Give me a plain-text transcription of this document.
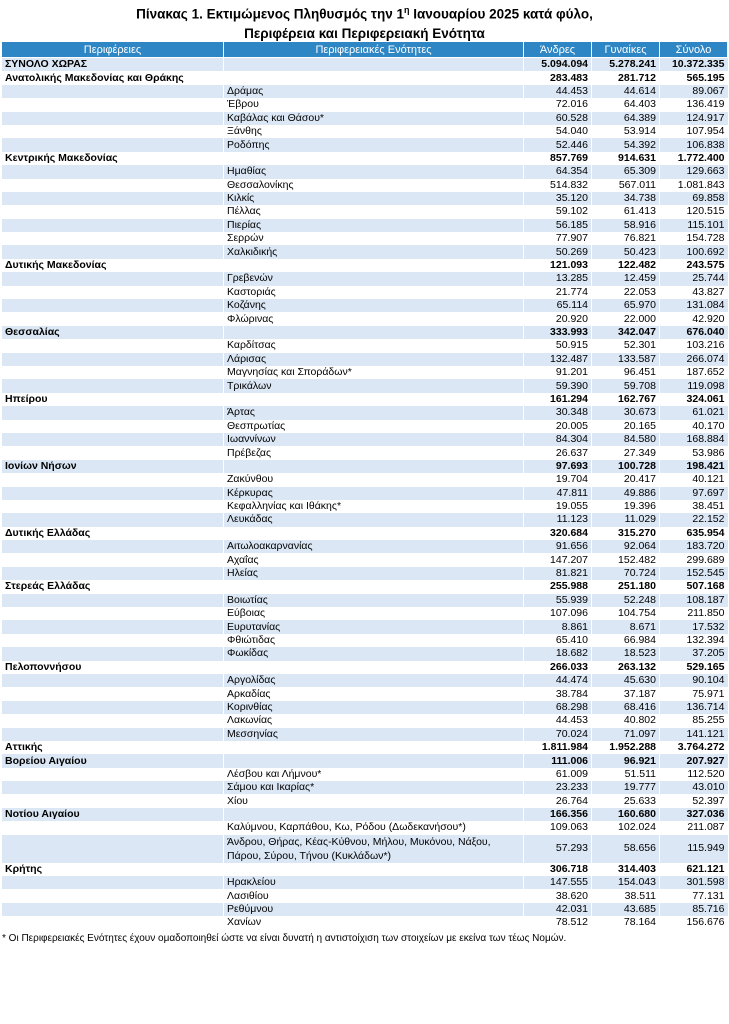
Πίνακας 1. Εκτιμώμενος Πληθυσμός την $1^\eta$ Ιανουαρίου 2025 κατά φύλο,
Περιφέρεια και Περιφερειακή Ενότητα
Περιφέρειες	Περιφερειακές Ενότητες	Άνδρες	Γυναίκες	Σύνολο
ΣΥΝΟΛΟ ΧΩΡΑΣ		5.094.094	5.278.241	10.372.335
Ανατολικής Μακεδονίας και Θράκης		283.483	281.712	565.195
	Δράμας	44.453	44.614	89.067
	Έβρου	72.016	64.403	136.419
	Καβάλας και Θάσου*	60.528	64.389	124.917
	Ξάνθης	54.040	53.914	107.954
	Ροδόπης	52.446	54.392	106.838
Κεντρικής Μακεδονίας		857.769	914.631	1.772.400
	Ημαθίας	64.354	65.309	129.663
	Θεσσαλονίκης	514.832	567.011	1.081.843
	Κιλκίς	35.120	34.738	69.858
	Πέλλας	59.102	61.413	120.515
	Πιερίας	56.185	58.916	115.101
	Σερρών	77.907	76.821	154.728
	Χαλκιδικής	50.269	50.423	100.692
Δυτικής Μακεδονίας		121.093	122.482	243.575
	Γρεβενών	13.285	12.459	25.744
	Καστοριάς	21.774	22.053	43.827
	Κοζάνης	65.114	65.970	131.084
	Φλώρινας	20.920	22.000	42.920
Θεσσαλίας		333.993	342.047	676.040
	Καρδίτσας	50.915	52.301	103.216
	Λάρισας	132.487	133.587	266.074
	Μαγνησίας και Σποράδων*	91.201	96.451	187.652
	Τρικάλων	59.390	59.708	119.098
Ηπείρου		161.294	162.767	324.061
	Άρτας	30.348	30.673	61.021
	Θεσπρωτίας	20.005	20.165	40.170
	Ιωαννίνων	84.304	84.580	168.884
	Πρέβεζας	26.637	27.349	53.986
Ιονίων Νήσων		97.693	100.728	198.421
	Ζακύνθου	19.704	20.417	40.121
	Κέρκυρας	47.811	49.886	97.697
	Κεφαλληνίας και Ιθάκης*	19.055	19.396	38.451
	Λευκάδας	11.123	11.029	22.152
Δυτικής Ελλάδας		320.684	315.270	635.954
	Αιτωλοακαρνανίας	91.656	92.064	183.720
	Αχαΐας	147.207	152.482	299.689
	Ηλείας	81.821	70.724	152.545
Στερεάς Ελλάδας		255.988	251.180	507.168
	Βοιωτίας	55.939	52.248	108.187
	Εύβοιας	107.096	104.754	211.850
	Ευρυτανίας	8.861	8.671	17.532
	Φθιώτιδας	65.410	66.984	132.394
	Φωκίδας	18.682	18.523	37.205
Πελοποννήσου		266.033	263.132	529.165
	Αργολίδας	44.474	45.630	90.104
	Αρκαδίας	38.784	37.187	75.971
	Κορινθίας	68.298	68.416	136.714
	Λακωνίας	44.453	40.802	85.255
	Μεσσηνίας	70.024	71.097	141.121
Αττικής		1.811.984	1.952.288	3.764.272
Βορείου Αιγαίου		111.006	96.921	207.927
	Λέσβου και Λήμνου*	61.009	51.511	112.520
	Σάμου και Ικαρίας*	23.233	19.777	43.010
	Χίου	26.764	25.633	52.397
Νοτίου Αιγαίου		166.356	160.680	327.036
	Καλύμνου, Καρπάθου, Κω, Ρόδου (Δωδεκανήσου*)	109.063	102.024	211.087
	Άνδρου, Θήρας, Κέας-Κύθνου, Μήλου, Μυκόνου, Νάξου, Πάρου, Σύρου, Τήνου (Κυκλάδων*)	57.293	58.656	115.949
Κρήτης		306.718	314.403	621.121
	Ηρακλείου	147.555	154.043	301.598
	Λασιθίου	38.620	38.511	77.131
	Ρεθύμνου	42.031	43.685	85.716
	Χανίων	78.512	78.164	156.676
* Οι Περιφερειακές Ενότητες έχουν ομαδοποιηθεί ώστε να είναι δυνατή η αντιστοίχιση των στοιχείων με εκείνα των τέως Νομών.
